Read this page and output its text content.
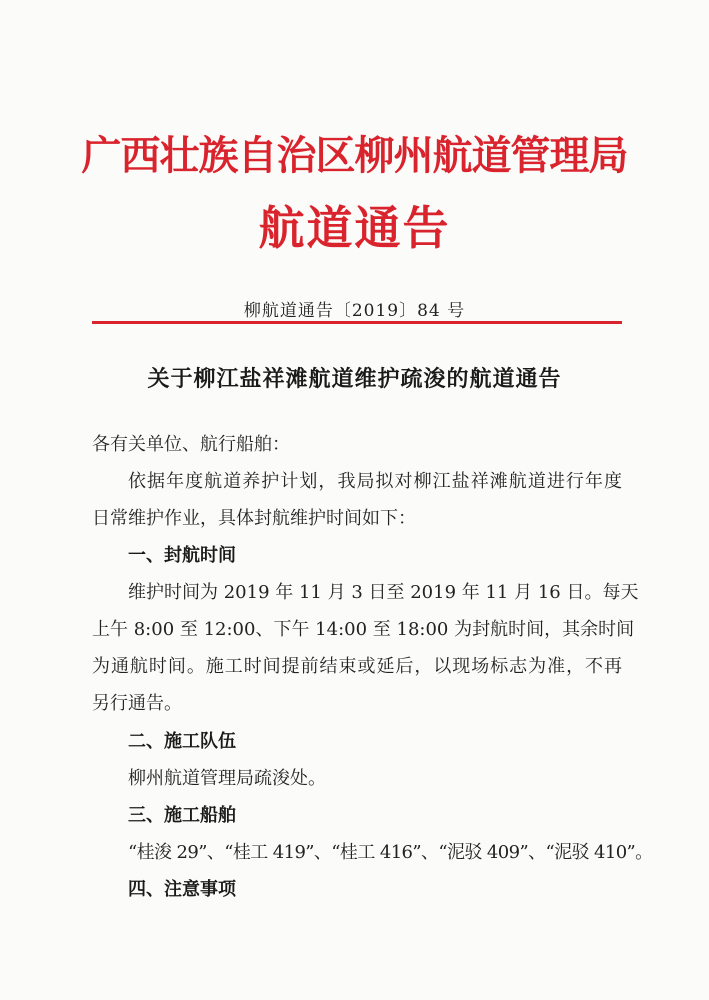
广西壮族自治区柳州航道管理局
航道通告
柳航道通告〔2019〕84 号
关于柳江盐祥滩航道维护疏浚的航道通告
各有关单位、航行船舶：
依据年度航道养护计划，我局拟对柳江盐祥滩航道进行年度
日常维护作业，具体封航维护时间如下：
一、封航时间
维护时间为 2019 年 11 月 3 日至 2019 年 11 月 16 日。每天
上午 8:00 至 12:00、下午 14:00 至 18:00 为封航时间，其余时间
为通航时间。施工时间提前结束或延后，以现场标志为准，不再
另行通告。
二、施工队伍
柳州航道管理局疏浚处。
三、施工船舶
“桂浚 29”、“桂工 419”、“桂工 416”、“泥驳 409”、“泥驳 410”。
四、注意事项
